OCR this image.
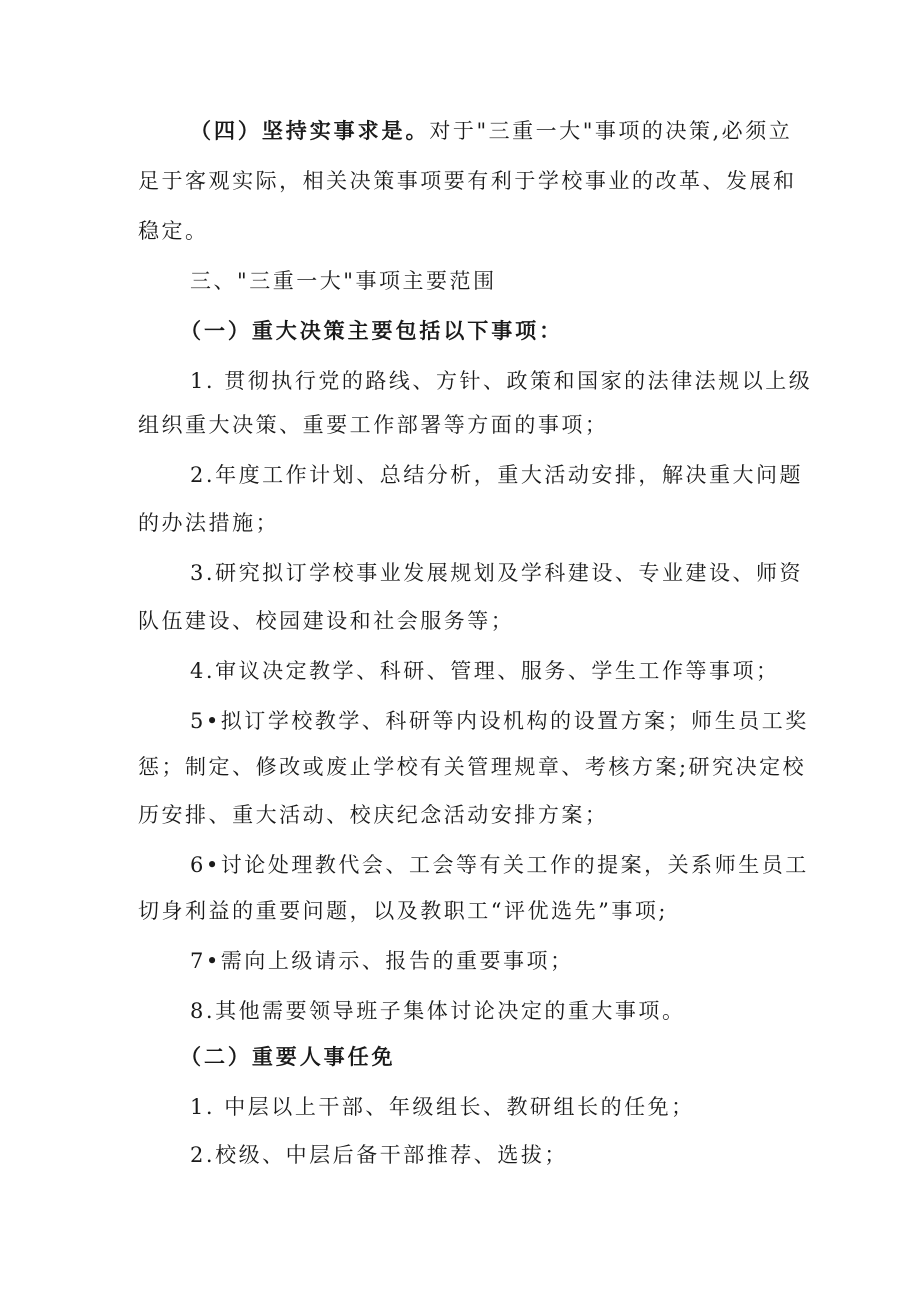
（四）坚持实事求是。对于"三重一大"事项的决策,必须立
足于客观实际，相关决策事项要有利于学校事业的改革、发展和
稳定。
三、"三重一大"事项主要范围
（一）重大决策主要包括以下事项：
1. 贯彻执行党的路线、方针、政策和国家的法律法规以上级
组织重大决策、重要工作部署等方面的事项；
2.年度工作计划、总结分析，重大活动安排，解决重大问题
的办法措施；
3.研究拟订学校事业发展规划及学科建设、专业建设、师资
队伍建设、校园建设和社会服务等；
4.审议决定教学、科研、管理、服务、学生工作等事项；
5•拟订学校教学、科研等内设机构的设置方案；师生员工奖
惩；制定、修改或废止学校有关管理规章、考核方案;研究决定校
历安排、重大活动、校庆纪念活动安排方案；
6•讨论处理教代会、工会等有关工作的提案，关系师生员工
切身利益的重要问题，以及教职工“评优选先”事项;
7•需向上级请示、报告的重要事项；
8.其他需要领导班子集体讨论决定的重大事项。
（二）重要人事任免
1. 中层以上干部、年级组长、教研组长的任免；
2.校级、中层后备干部推荐、选拔；
